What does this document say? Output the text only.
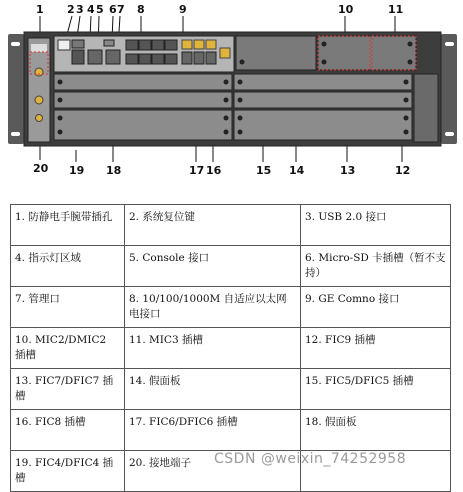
1 2 3 4 5 6 7 8	9	10	11
20 19 18	17 16	15 14	13	12
1. 防静电手腕带插孔	2. 系统复位键	3. USB 2.0 接口
4. 指示灯区域	5. Console 接口	6. Micro-SD 卡插槽（暂不支持）
7. 管理口	8. 10/100/1000M 自适应以太网电接口	9. GE Comno 接口
10. MIC2/DMIC2 插槽	11. MIC3 插槽	12. FIC9 插槽
13. FIC7/DFIC7 插槽	14. 假面板	15. FIC5/DFIC5 插槽
16. FIC8 插槽	17. FIC6/DFIC6 插槽	18. 假面板
19. FIC4/DFIC4 插槽	20. 接地端子	CSDN @weixin_74252958
